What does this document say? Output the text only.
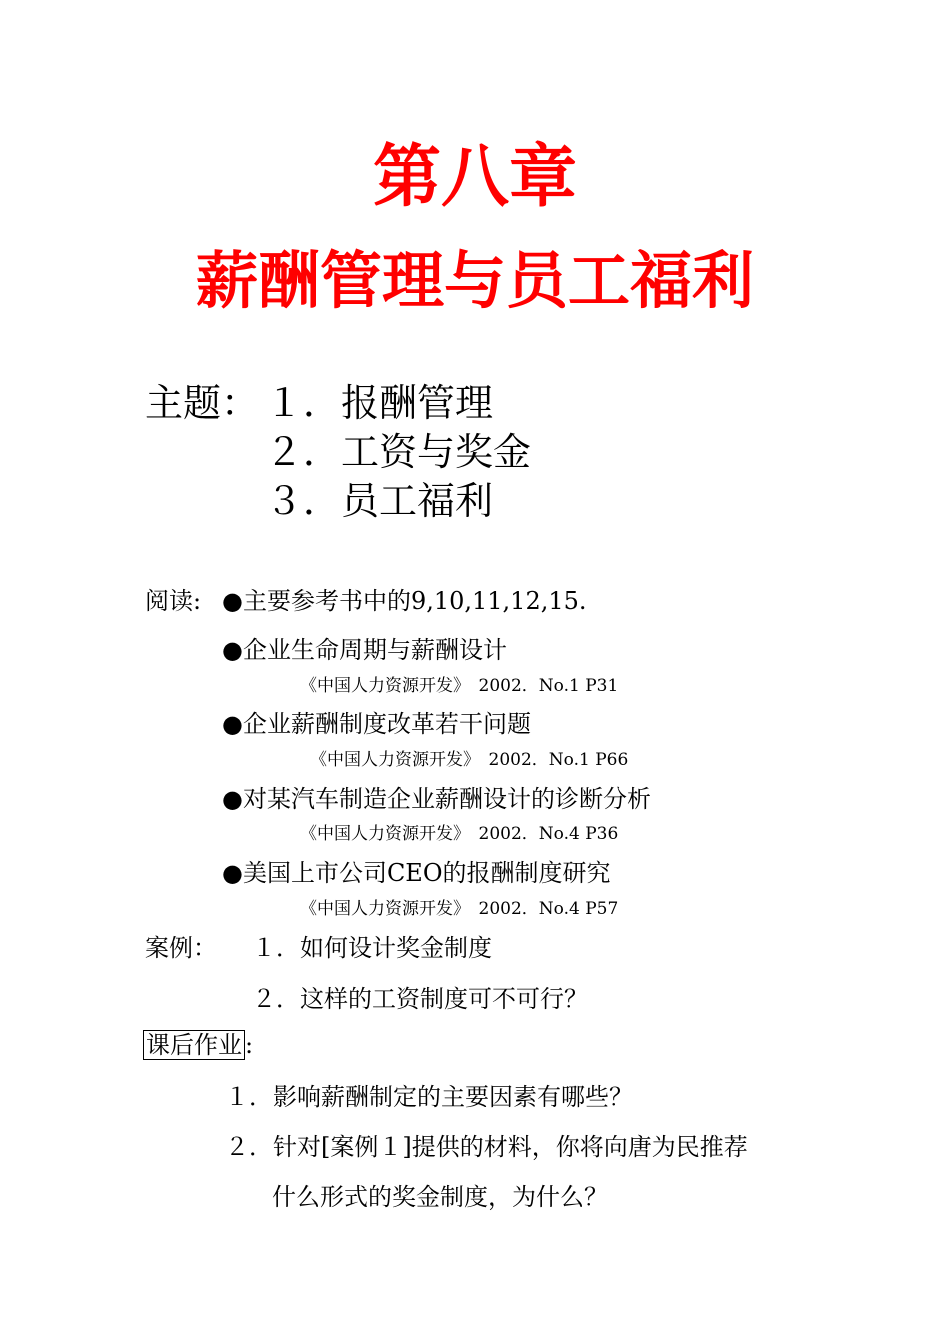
第八章
薪酬管理与员工福利
主题： １．报酬管理
２．工资与奖金
３．员工福利
阅读: ●主要参考书中的9,10,11,12,15.
●企业生命周期与薪酬设计
《中国人力资源开发》　2002．No.1 P31
●企业薪酬制度改革若干问题
《中国人力资源开发》　2002．No.1 P66
●对某汽车制造企业薪酬设计的诊断分析
《中国人力资源开发》　2002．No.4 P36
●美国上市公司CEO的报酬制度研究
《中国人力资源开发》　2002．No.4 P57
案例： １．如何设计奖金制度
２．这样的工资制度可不可行？
课后作业 :
１．影响薪酬制定的主要因素有哪些？
２．针对[案例１]提供的材料，你将向唐为民推荐
什么形式的奖金制度，为什么？
